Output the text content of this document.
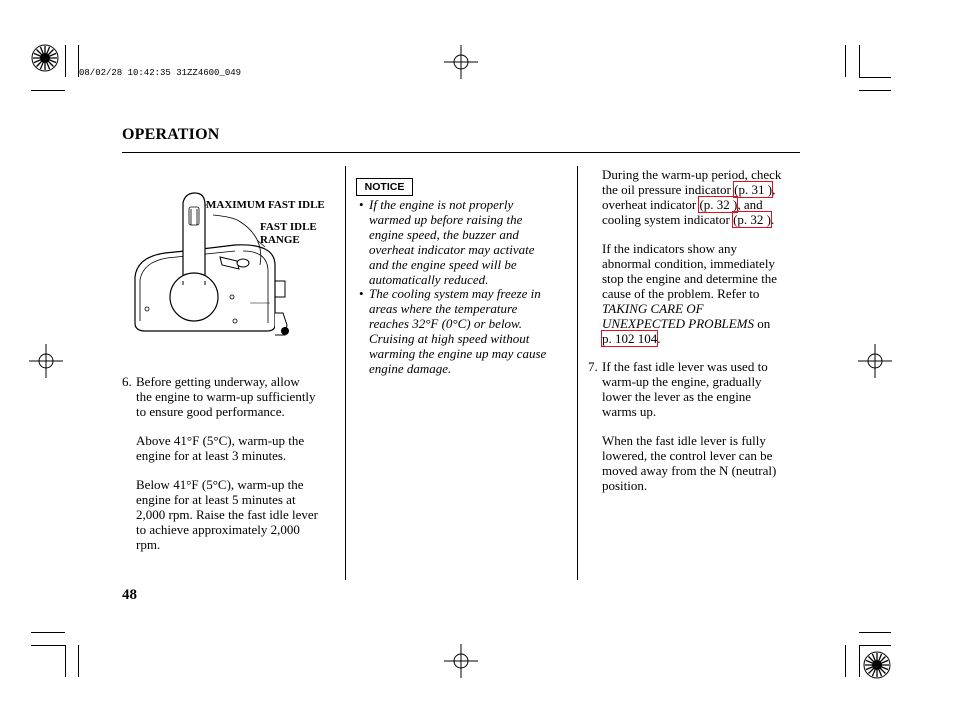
08/02/28 10:42:35 31ZZ4600_049
OPERATION
MAXIMUM FAST IDLE
FAST IDLE
RANGE
6. Before getting underway, allow
the engine to warm-up sufficiently
to ensure good performance.
Above 41°F (5°C), warm-up the
engine for at least 3 minutes.
Below 41°F (5°C), warm-up the
engine for at least 5 minutes at
2,000 rpm. Raise the fast idle lever
to achieve approximately 2,000
rpm.
NOTICE
• If the engine is not properly
warmed up before raising the
engine speed, the buzzer and
overheat indicator may activate
and the engine speed will be
automatically reduced.
• The cooling system may freeze in
areas where the temperature
reaches 32°F (0°C) or below.
Cruising at high speed without
warming the engine up may cause
engine damage.
During the warm-up period, check
the oil pressure indicator (p. 31 ),
overheat indicator (p. 32 ), and
cooling system indicator (p. 32 ).
If the indicators show any
abnormal condition, immediately
stop the engine and determine the
cause of the problem. Refer to
TAKING CARE OF
UNEXPECTED PROBLEMS on
p. 102 104.
7. If the fast idle lever was used to
warm-up the engine, gradually
lower the lever as the engine
warms up.
When the fast idle lever is fully
lowered, the control lever can be
moved away from the N (neutral)
position.
48
